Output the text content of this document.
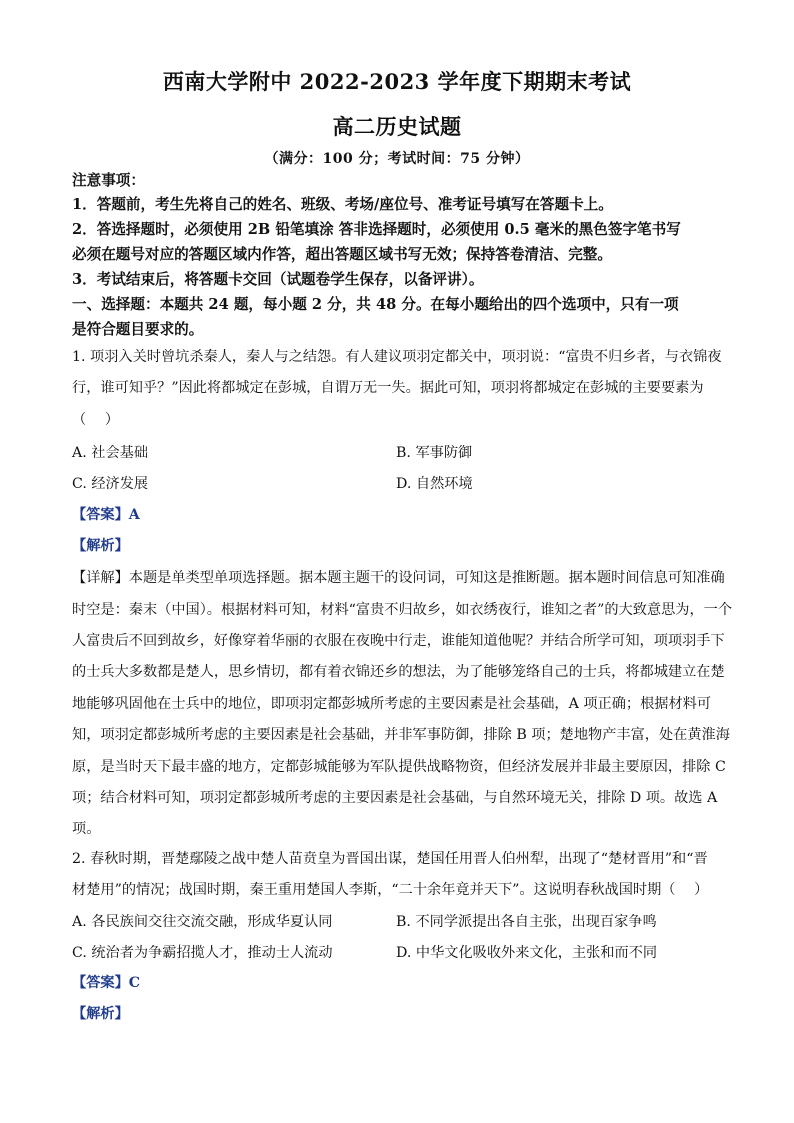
西南大学附中 2022-2023 学年度下期期末考试
高二历史试题
（满分：100 分；考试时间：75 分钟）
注意事项：
1．答题前，考生先将自己的姓名、班级、考场/座位号、准考证号填写在答题卡上。
2．答选择题时，必须使用 2B 铅笔填涂 答非选择题时，必须使用 0.5 毫米的黑色签字笔书写
必须在题号对应的答题区域内作答，超出答题区域书写无效；保持答卷清洁、完整。
3．考试结束后，将答题卡交回（试题卷学生保存，以备评讲）。
一、选择题：本题共 24 题，每小题 2 分，共 48 分。在每小题给出的四个选项中，只有一项
是符合题目要求的。
1. 项羽入关时曾坑杀秦人，秦人与之结怨。有人建议项羽定都关中，项羽说：“富贵不归乡者，与衣锦夜
行，谁可知乎？”因此将都城定在彭城，自谓万无一失。据此可知，项羽将都城定在彭城的主要要素为
（　 ）
A. 社会基础	B. 军事防御
C. 经济发展	D. 自然环境
【答案】A
【解析】
【详解】本题是单类型单项选择题。据本题主题干的设问词，可知这是推断题。据本题时间信息可知准确
时空是：秦末（中国）。根据材料可知，材料“富贵不归故乡，如衣绣夜行，谁知之者”的大致意思为，一个
人富贵后不回到故乡，好像穿着华丽的衣服在夜晚中行走，谁能知道他呢？并结合所学可知，项项羽手下
的士兵大多数都是楚人，思乡情切，都有着衣锦还乡的想法，为了能够笼络自己的士兵，将都城建立在楚
地能够巩固他在士兵中的地位，即项羽定都彭城所考虑的主要因素是社会基础，A 项正确；根据材料可
知，项羽定都彭城所考虑的主要因素是社会基础，并非军事防御，排除 B 项；楚地物产丰富，处在黄淮海
原，是当时天下最丰盛的地方，定都彭城能够为军队提供战略物资，但经济发展并非最主要原因，排除 C
项；结合材料可知，项羽定都彭城所考虑的主要因素是社会基础，与自然环境无关，排除 D 项。故选 A
项。
2. 春秋时期，晋楚鄢陵之战中楚人苗贲皇为晋国出谋，楚国任用晋人伯州犁，出现了“楚材晋用”和“晋
材楚用”的情况；战国时期，秦王重用楚国人李斯，“二十余年竟并天下”。这说明春秋战国时期（　 ）
A. 各民族间交往交流交融，形成华夏认同	B. 不同学派提出各自主张，出现百家争鸣
C. 统治者为争霸招揽人才，推动士人流动	D. 中华文化吸收外来文化，主张和而不同
【答案】C
【解析】
